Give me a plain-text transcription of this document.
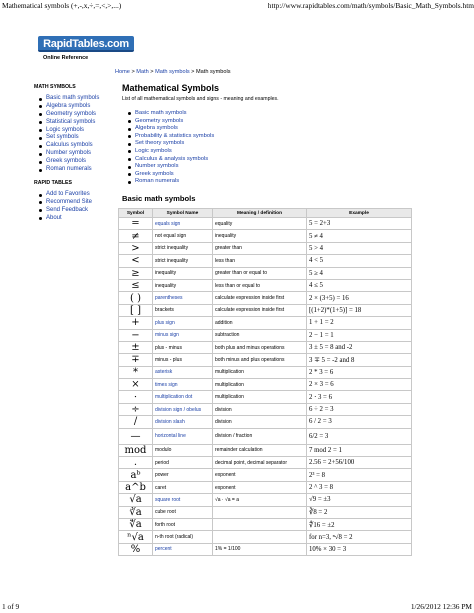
Mathematical symbols (+,-,x,÷,=,<,>,...)	http://www.rapidtables.com/math/symbols/Basic_Math_Symbols.htm
RapidTables.com
Online Reference
Home > Math > Math symbols > Math symbols
MATH SYMBOLS
Basic math symbols
Algebra symbols
Geometry symbols
Statistical symbols
Logic symbols
Set symbols
Calculus symbols
Number symbols
Greek symbols
Roman numerals
RAPID TABLES
Add to Favorites
Recommend Site
Send Feedback
About
Mathematical Symbols
List of all mathematical symbols and signs - meaning and examples.
Basic math symbols
Geometry symbols
Algebra symbols
Probability & statistics symbols
Set theory symbols
Logic symbols
Calculus & analysis symbols
Number symbols
Greek symbols
Roman numerals
Basic math symbols
Symbol	Symbol Name	Meaning / definition	Example
=	equals sign	equality	5 = 2+3
≠	not equal sign	inequality	5 ≠ 4
>	strict inequality	greater than	5 > 4
<	strict inequality	less than	4 < 5
≥	inequality	greater than or equal to	5 ≥ 4
≤	inequality	less than or equal to	4 ≤ 5
( )	parentheses	calculate expression inside first	2 × (3+5) = 16
[ ]	brackets	calculate expression inside first	[(1+2)*(1+5)] = 18
+	plus sign	addition	1 + 1 = 2
−	minus sign	subtraction	2 − 1 = 1
±	plus - minus	both plus and minus operations	3 ± 5 = 8 and -2
∓	minus - plus	both minus and plus operations	3 ∓ 5 = -2 and 8
*	asterisk	multiplication	2 * 3 = 6
×	times sign	multiplication	2 × 3 = 6
⋅	multiplication dot	multiplication	2 ⋅ 3 = 6
÷	division sign / obelus	division	6 ÷ 2 = 3
/	division slash	division	6 / 2 = 3
—	horizontal line	division / fraction	6/2 = 3
mod	modulo	remainder calculation	7 mod 2 = 1
.	period	decimal point, decimal separator	2.56 = 2+56/100
aᵇ	power	exponent	2³ = 8
a^b	caret	exponent	2 ^ 3 = 8
√a	square root	√a · √a = a	√9 = ±3
∛a	cube root		∛8 = 2
∜a	forth root		∜16 = ±2
ⁿ√a	n-th root (radical)		for n=3, ⁿ√8 = 2
%	percent	1% = 1/100	10% × 30 = 3
1 of 9	1/26/2012 12:36 PM
